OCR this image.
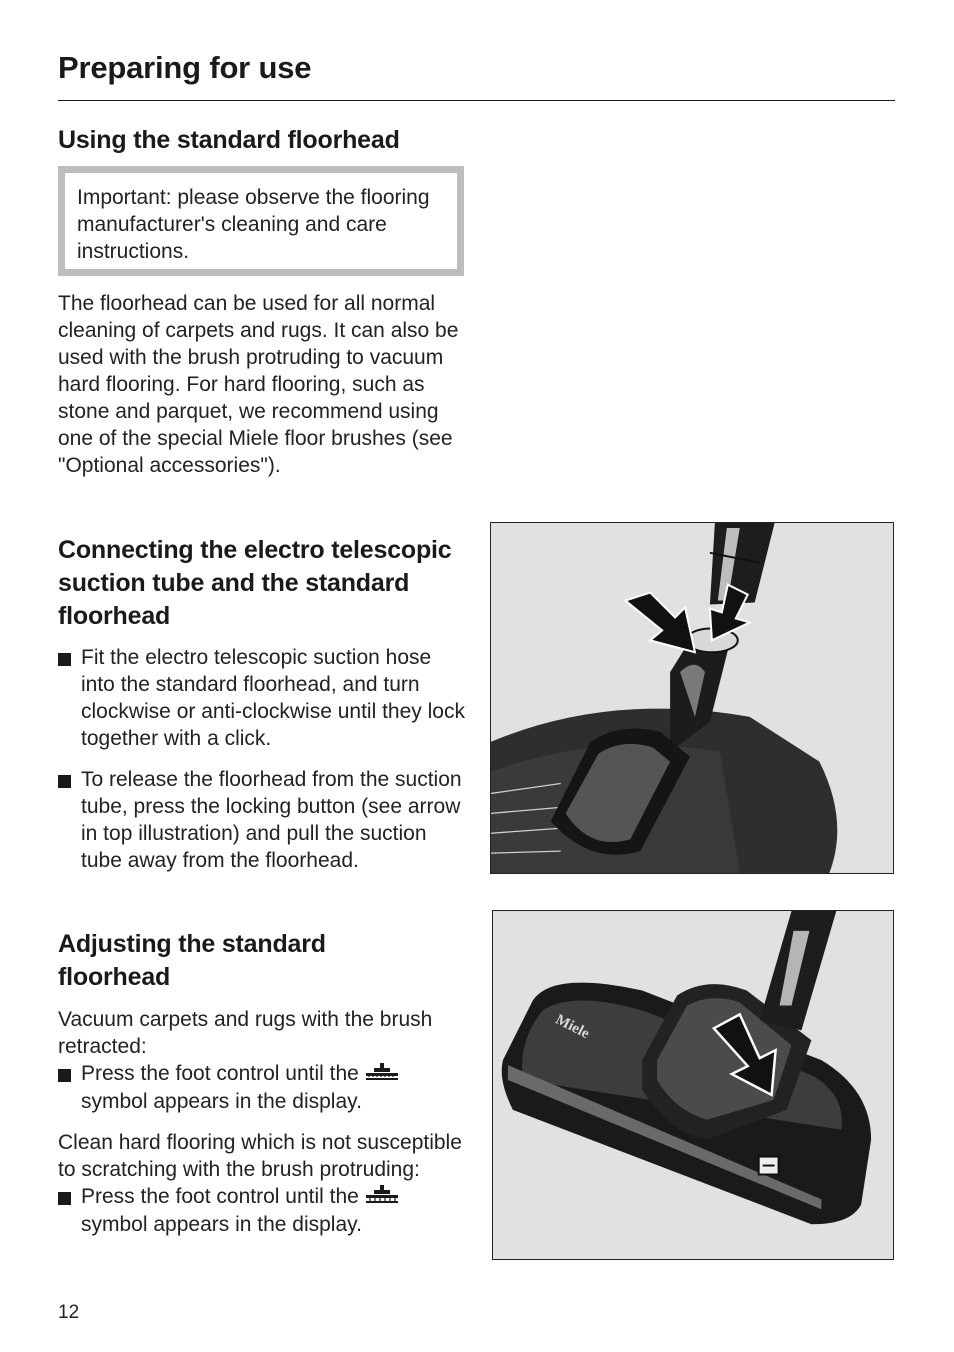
Preparing for use
Using the standard floorhead

Important: please observe the flooring manufacturer's cleaning and care instructions.

The floorhead can be used for all normal cleaning of carpets and rugs. It can also be used with the brush protruding to vacuum hard flooring. For hard flooring, such as stone and parquet, we recommend using one of the special Miele floor brushes (see "Optional accessories").

Connecting the electro telescopic suction tube and the standard floorhead
Fit the electro telescopic suction hose into the standard floorhead, and turn clockwise or anti-clockwise until they lock together with a click.
To release the floorhead from the suction tube, press the locking button (see arrow in top illustration) and pull the suction tube away from the floorhead.
Adjusting the standard floorhead

Vacuum carpets and rugs with the brush retracted:

Press the foot control until the
symbol appears in the display.

Clean hard flooring which is not susceptible to scratching with the brush protruding:

Press the foot control until the
symbol appears in the display.
Miele
12
